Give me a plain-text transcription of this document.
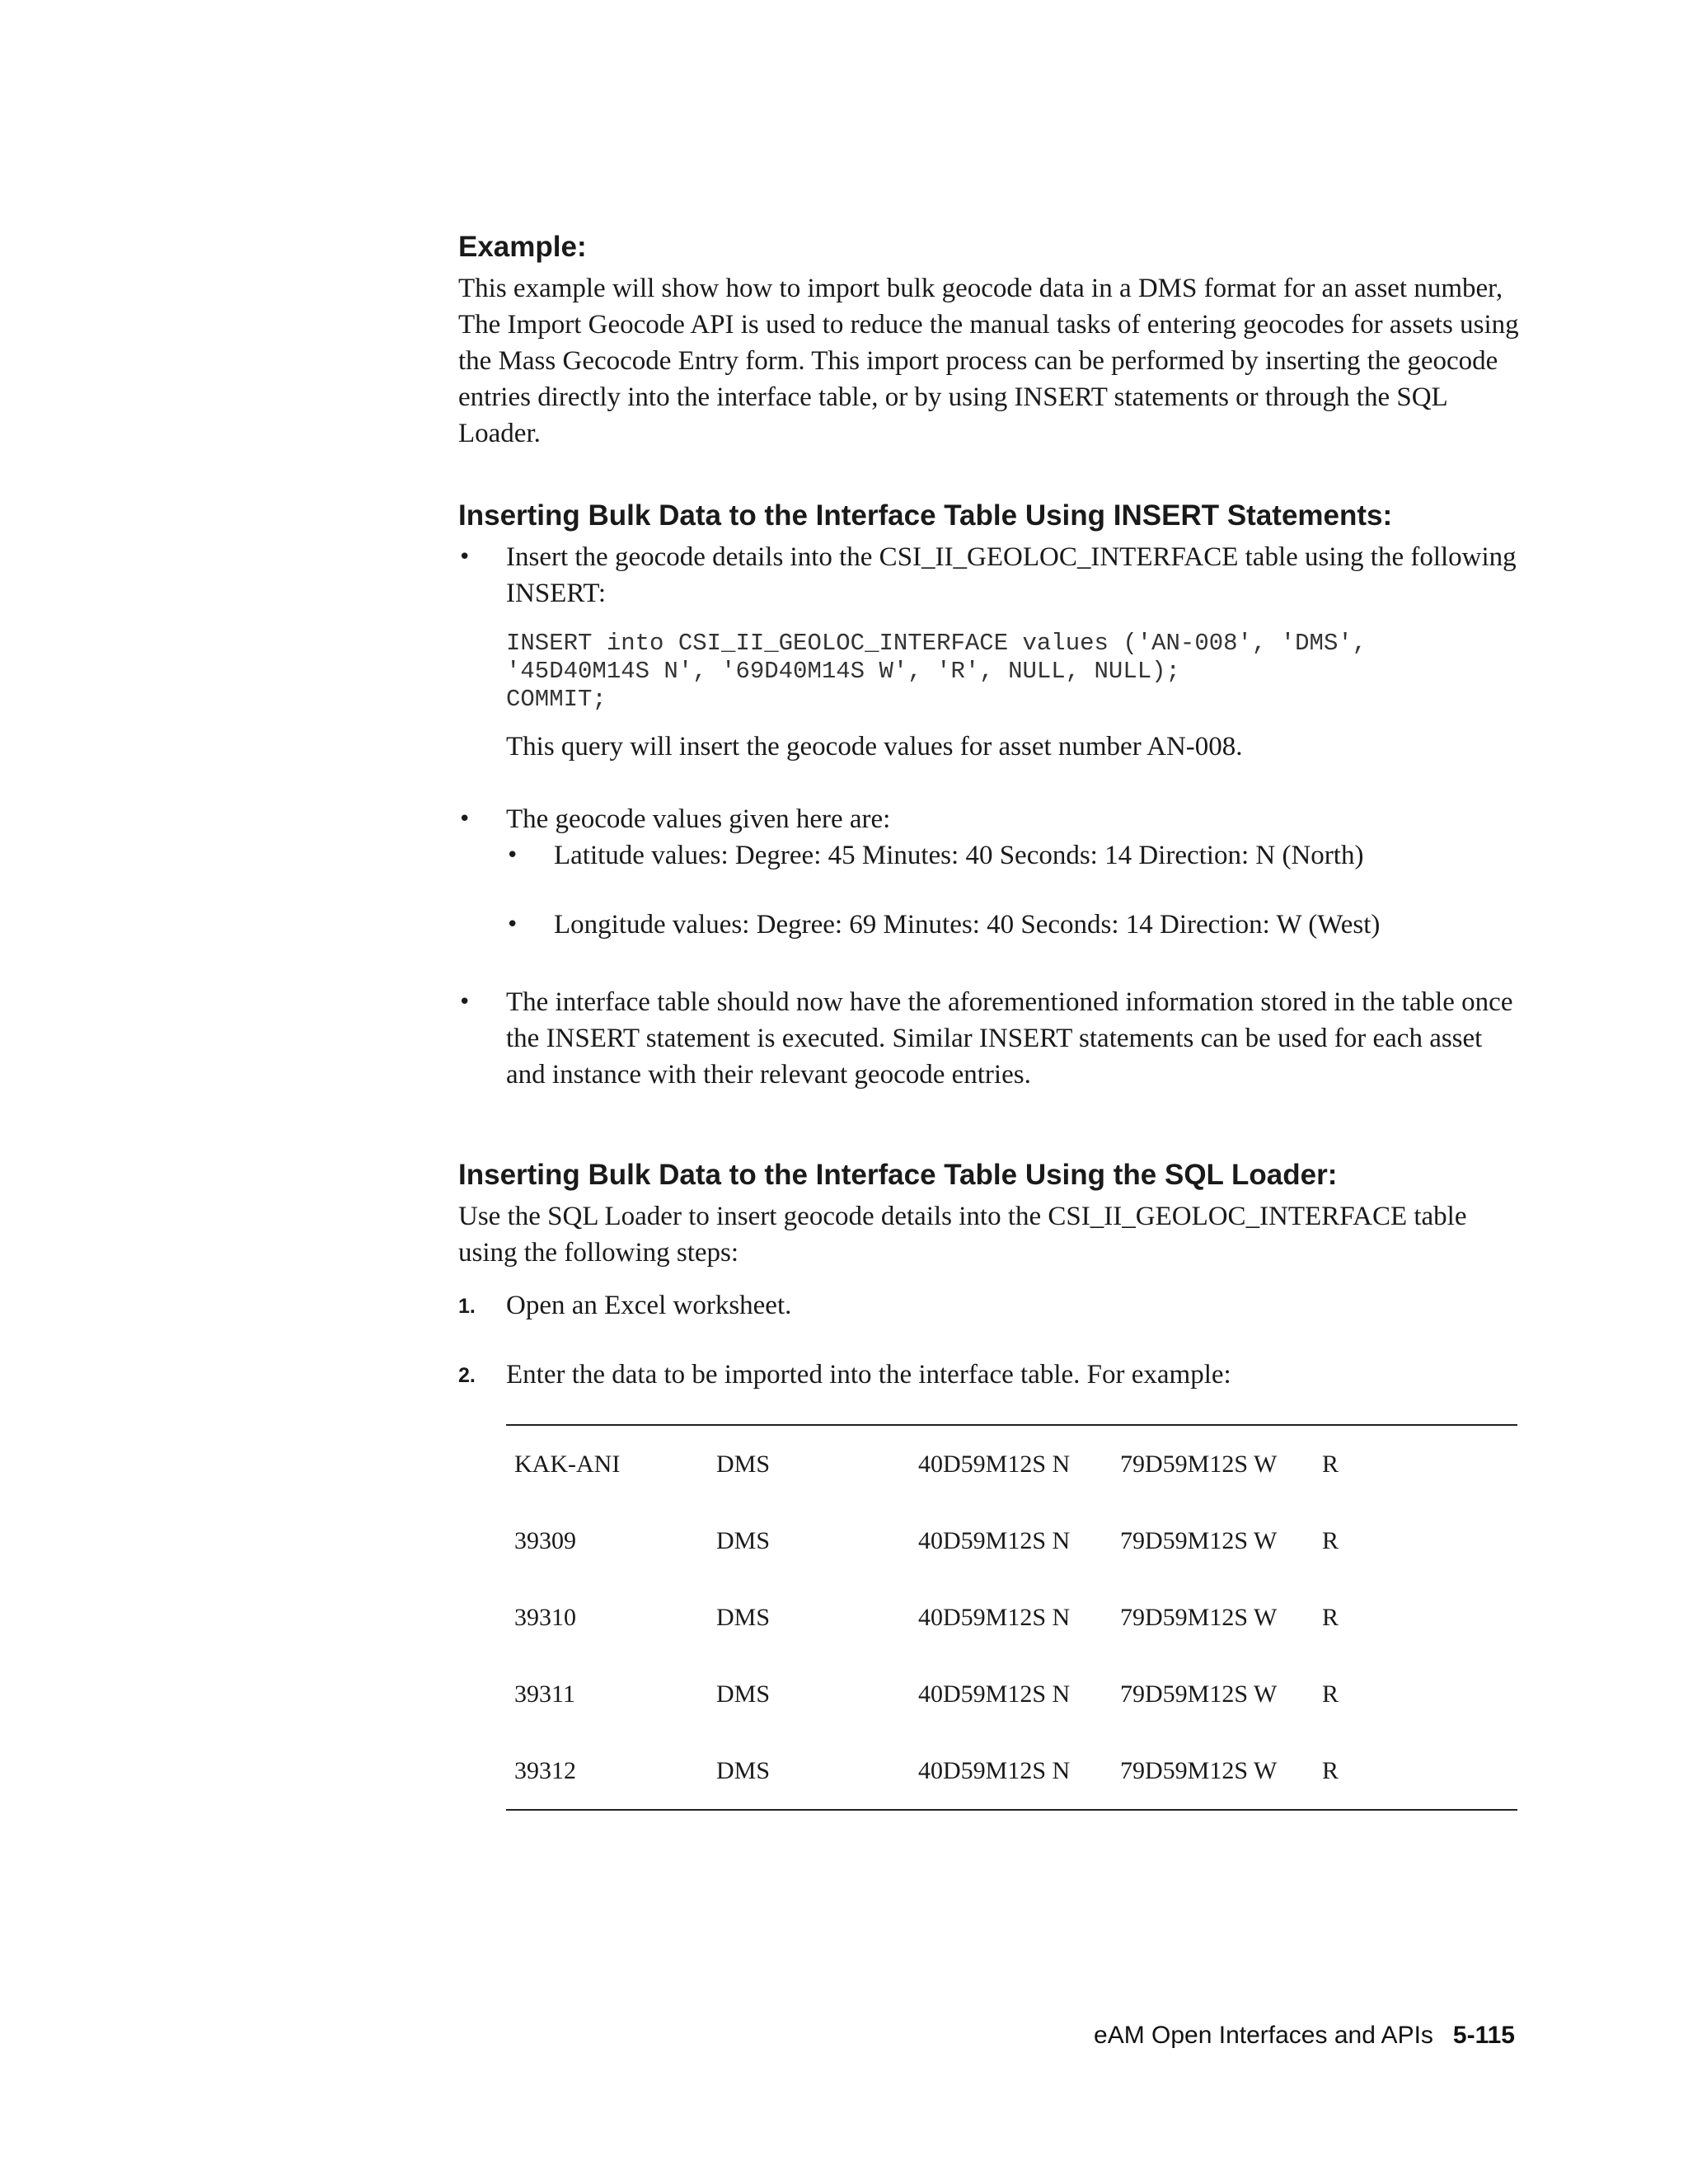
Example:

This example will show how to import bulk geocode data in a DMS format for an asset number, The Import Geocode API is used to reduce the manual tasks of entering geocodes for assets using the Mass Gecocode Entry form. This import process can be performed by inserting the geocode entries directly into the interface table, or by using INSERT statements or through the SQL Loader.

Inserting Bulk Data to the Interface Table Using INSERT Statements:
• Insert the geocode details into the CSI_II_GEOLOC_INTERFACE table using the following INSERT:
INSERT into CSI_II_GEOLOC_INTERFACE values ('AN-008', 'DMS',
'45D40M14S N', '69D40M14S W', 'R', NULL, NULL);
COMMIT;
This query will insert the geocode values for asset number AN-008.
• The geocode values given here are:
• Latitude values: Degree: 45 Minutes: 40 Seconds: 14 Direction: N (North)
• Longitude values: Degree: 69 Minutes: 40 Seconds: 14 Direction: W (West)
• The interface table should now have the aforementioned information stored in the table once the INSERT statement is executed. Similar INSERT statements can be used for each asset and instance with their relevant geocode entries.
Inserting Bulk Data to the Interface Table Using the SQL Loader:

Use the SQL Loader to insert geocode details into the CSI_II_GEOLOC_INTERFACE table using the following steps:

1. Open an Excel worksheet.
2. Enter the data to be imported into the interface table. For example:
KAK-ANI	DMS	40D59M12S N	79D59M12S W	R
39309	DMS	40D59M12S N	79D59M12S W	R
39310	DMS	40D59M12S N	79D59M12S W	R
39311	DMS	40D59M12S N	79D59M12S W	R
39312	DMS	40D59M12S N	79D59M12S W	R
eAM Open Interfaces and APIs 5-115
